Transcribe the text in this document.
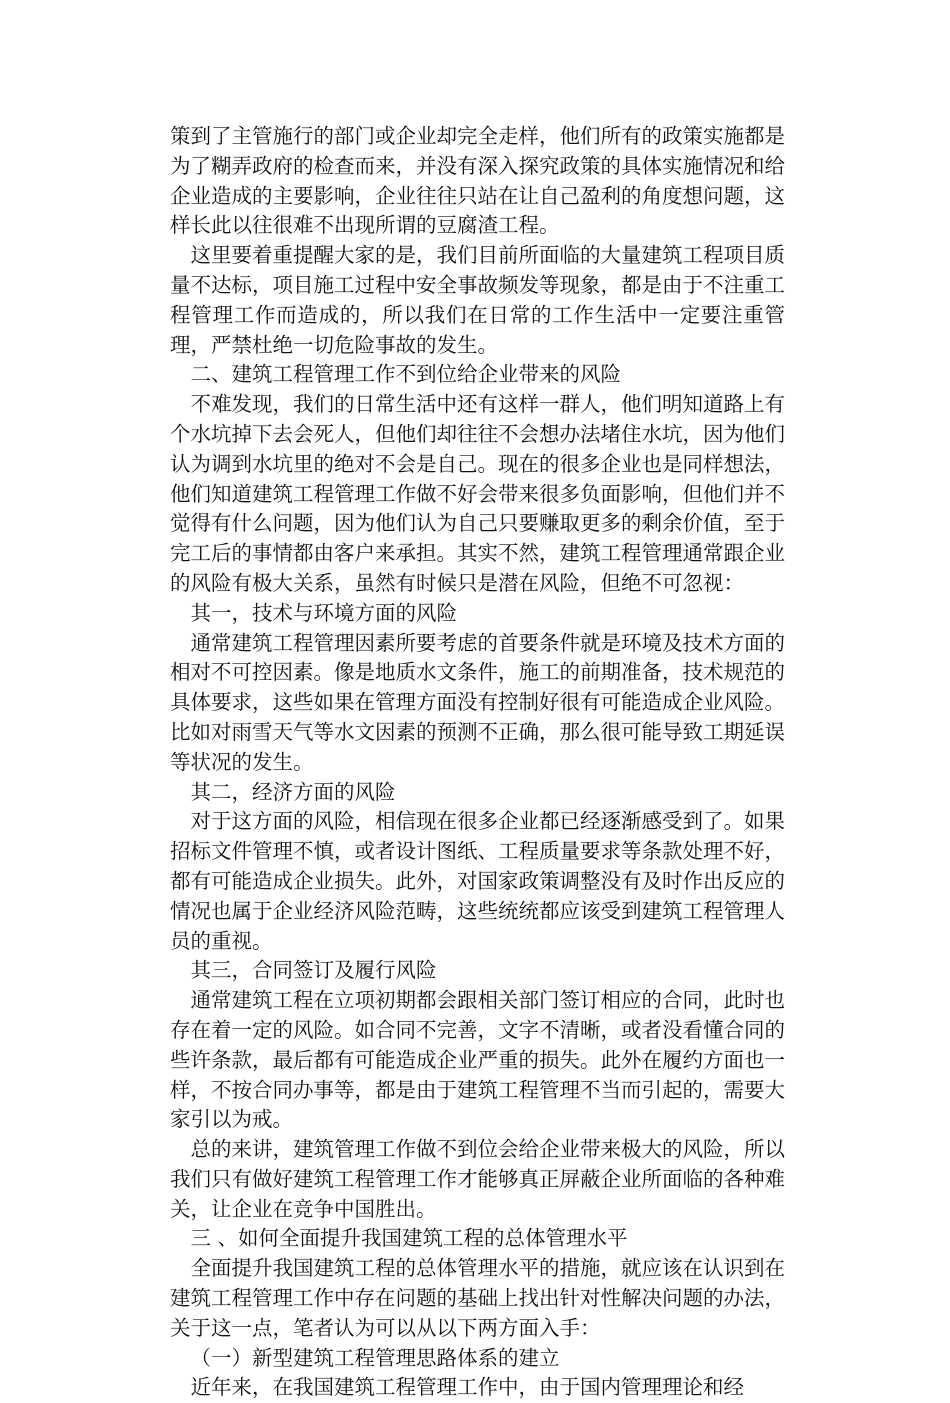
策到了主管施行的部门或企业却完全走样，他们所有的政策实施都是为了糊弄政府的检查而来，并没有深入探究政策的具体实施情况和给企业造成的主要影响，企业往往只站在让自己盈利的角度想问题，这样长此以往很难不出现所谓的豆腐渣工程。

这里要着重提醒大家的是，我们目前所面临的大量建筑工程项目质量不达标，项目施工过程中安全事故频发等现象，都是由于不注重工程管理工作而造成的，所以我们在日常的工作生活中一定要注重管理，严禁杜绝一切危险事故的发生。

二、建筑工程管理工作不到位给企业带来的风险

不难发现，我们的日常生活中还有这样一群人，他们明知道路上有个水坑掉下去会死人，但他们却往往不会想办法堵住水坑，因为他们认为调到水坑里的绝对不会是自己。现在的很多企业也是同样想法，他们知道建筑工程管理工作做不好会带来很多负面影响，但他们并不觉得有什么问题，因为他们认为自己只要赚取更多的剩余价值，至于完工后的事情都由客户来承担。其实不然，建筑工程管理通常跟企业的风险有极大关系，虽然有时候只是潜在风险，但绝不可忽视：

其一，技术与环境方面的风险

通常建筑工程管理因素所要考虑的首要条件就是环境及技术方面的相对不可控因素。像是地质水文条件，施工的前期准备，技术规范的具体要求，这些如果在管理方面没有控制好很有可能造成企业风险。比如对雨雪天气等水文因素的预测不正确，那么很可能导致工期延误等状况的发生。

其二，经济方面的风险

对于这方面的风险，相信现在很多企业都已经逐渐感受到了。如果招标文件管理不慎，或者设计图纸、工程质量要求等条款处理不好，都有可能造成企业损失。此外，对国家政策调整没有及时作出反应的情况也属于企业经济风险范畴，这些统统都应该受到建筑工程管理人员的重视。

其三，合同签订及履行风险

通常建筑工程在立项初期都会跟相关部门签订相应的合同，此时也存在着一定的风险。如合同不完善，文字不清晰，或者没看懂合同的些许条款，最后都有可能造成企业严重的损失。此外在履约方面也一样，不按合同办事等，都是由于建筑工程管理不当而引起的，需要大家引以为戒。

总的来讲，建筑管理工作做不到位会给企业带来极大的风险，所以我们只有做好建筑工程管理工作才能够真正屏蔽企业所面临的各种难关，让企业在竞争中国胜出。

三 、如何全面提升我国建筑工程的总体管理水平

全面提升我国建筑工程的总体管理水平的措施，就应该在认识到在建筑工程管理工作中存在问题的基础上找出针对性解决问题的办法，关于这一点，笔者认为可以从以下两方面入手：

（一）新型建筑工程管理思路体系的建立

近年来，在我国建筑工程管理工作中，由于国内管理理论和经
